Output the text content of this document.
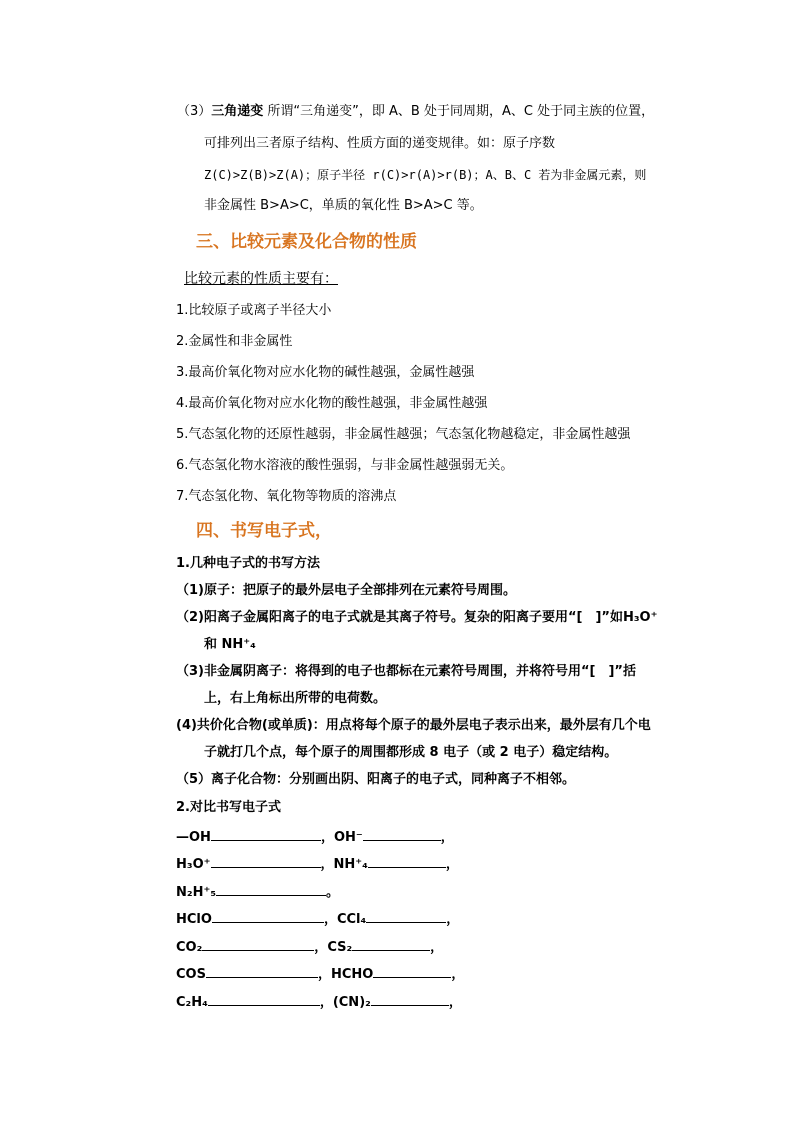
（3）三角递变 所谓“三角递变”，即 A、B 处于同周期，A、C 处于同主族的位置，
可排列出三者原子结构、性质方面的递变规律。如：原子序数
Z(C)>Z(B)>Z(A)；原子半径 r(C)>r(A)>r(B)；A、B、C 若为非金属元素，则
非金属性 B>A>C，单质的氧化性 B>A>C 等。
三、比较元素及化合物的性质
比较元素的性质主要有：
1.比较原子或离子半径大小
2.金属性和非金属性
3.最高价氧化物对应水化物的碱性越强，金属性越强
4.最高价氧化物对应水化物的酸性越强，非金属性越强
5.气态氢化物的还原性越弱，非金属性越强；气态氢化物越稳定，非金属性越强
6.气态氢化物水溶液的酸性强弱，与非金属性越强弱无关。
7.气态氢化物、氧化物等物质的溶沸点
四、书写电子式，
1.几种电子式的书写方法
（1)原子：把原子的最外层电子全部排列在元素符号周围。
（2)阳离子金属阳离子的电子式就是其离子符号。复杂的阳离子要用“[　]”如H₃O⁺
和 NH⁺₄
（3)非金属阴离子：将得到的电子也都标在元素符号周围，并将符号用“[　]”括
上，右上角标出所带的电荷数。
(4)共价化合物(或单质)：用点将每个原子的最外层电子表示出来，最外层有几个电
子就打几个点，每个原子的周围都形成 8 电子（或 2 电子）稳定结构。
（5）离子化合物：分别画出阴、阳离子的电子式，同种离子不相邻。
2.对比书写电子式
—OH	，OH⁻	，
H₃O⁺	，NH⁺₄	，
N₂H⁺₅	。
HClO	，CCl₄	，
CO₂	，CS₂	，
COS	，HCHO	，
C₂H₄	，(CN)₂	，
